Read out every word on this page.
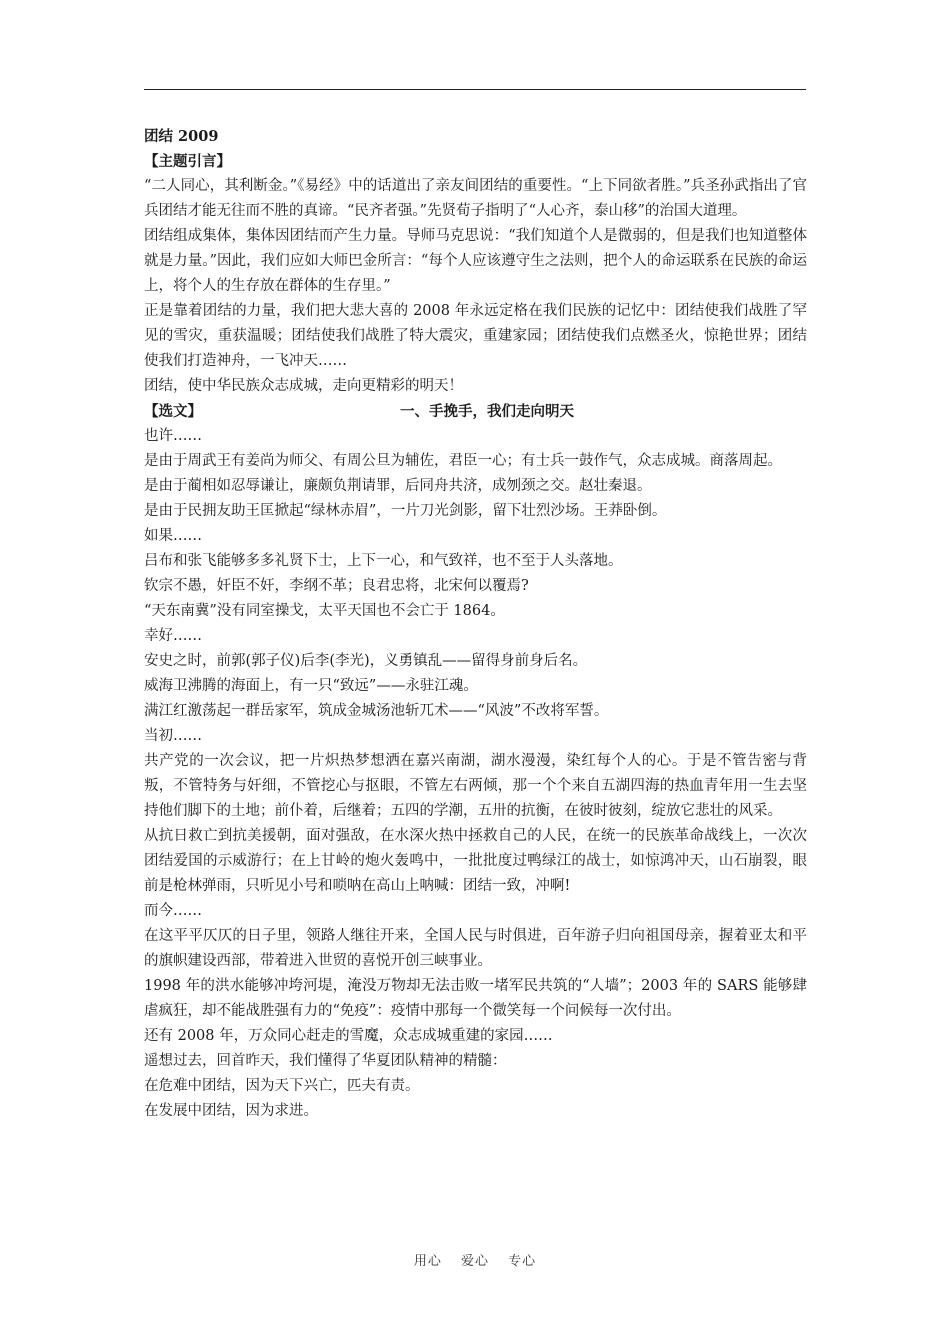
团结 2009

【主题引言】

“二人同心，其利断金。”《易经》中的话道出了亲友间团结的重要性。“上下同欲者胜。”兵圣孙武指出了官兵团结才能无往而不胜的真谛。“民齐者强。”先贤荀子指明了“人心齐，泰山移”的治国大道理。

团结组成集体，集体因团结而产生力量。导师马克思说：“我们知道个人是微弱的，但是我们也知道整体就是力量。”因此，我们应如大师巴金所言：“每个人应该遵守生之法则，把个人的命运联系在民族的命运上，将个人的生存放在群体的生存里。”

正是靠着团结的力量，我们把大悲大喜的 2008 年永远定格在我们民族的记忆中：团结使我们战胜了罕见的雪灾，重获温暖；团结使我们战胜了特大震灾，重建家园；团结使我们点燃圣火，惊艳世界；团结使我们打造神舟，一飞冲天……

团结，使中华民族众志成城，走向更精彩的明天！

【选文】	一、手挽手，我们走向明天

也许……

是由于周武王有姜尚为师父、有周公旦为辅佐，君臣一心；有士兵一鼓作气，众志成城。商落周起。

是由于蔺相如忍辱谦让，廉颇负荆请罪，后同舟共济，成刎颈之交。赵壮秦退。

是由于民拥友助王匡掀起“绿林赤眉”，一片刀光剑影，留下壮烈沙场。王莽卧倒。

如果……

吕布和张飞能够多多礼贤下士，上下一心，和气致祥，也不至于人头落地。

钦宗不愚，奸臣不奸，李纲不革；良君忠将，北宋何以覆焉?

“天东南冀”没有同室操戈，太平天国也不会亡于 1864。

幸好……

安史之时，前郭(郭子仪)后李(李光)，义勇镇乱——留得身前身后名。

威海卫沸腾的海面上，有一只“致远”——永驻江魂。

满江红激荡起一群岳家军，筑成金城汤池斩兀术——“风波”不改将军誓。

当初……

共产党的一次会议，把一片炽热梦想洒在嘉兴南湖，湖水漫漫，染红每个人的心。于是不管告密与背叛，不管特务与奸细，不管挖心与抠眼，不管左右两倾，那一个个来自五湖四海的热血青年用一生去坚持他们脚下的土地；前仆着，后继着；五四的学潮，五卅的抗衡，在彼时彼刻，绽放它悲壮的风采。

从抗日救亡到抗美援朝，面对强敌，在水深火热中拯救自己的人民，在统一的民族革命战线上，一次次团结爱国的示威游行；在上甘岭的炮火轰鸣中，一批批度过鸭绿江的战士，如惊鸿冲天，山石崩裂，眼前是枪林弹雨，只听见小号和唢呐在高山上呐喊：团结一致，冲啊!

而今……

在这平平仄仄的日子里，领路人继往开来，全国人民与时俱进，百年游子归向祖国母亲，握着亚太和平的旗帜建设西部，带着进入世贸的喜悦开创三峡事业。

1998 年的洪水能够冲垮河堤，淹没万物却无法击败一堵军民共筑的“人墙”；2003 年的 SARS 能够肆虐疯狂，却不能战胜强有力的“免疫”：疫情中那每一个微笑每一个问候每一次付出。

还有 2008 年，万众同心赶走的雪魔，众志成城重建的家园……

遥想过去，回首昨天，我们懂得了华夏团队精神的精髓：

在危难中团结，因为天下兴亡，匹夫有责。

在发展中团结，因为求进。

用心 爱心 专心
